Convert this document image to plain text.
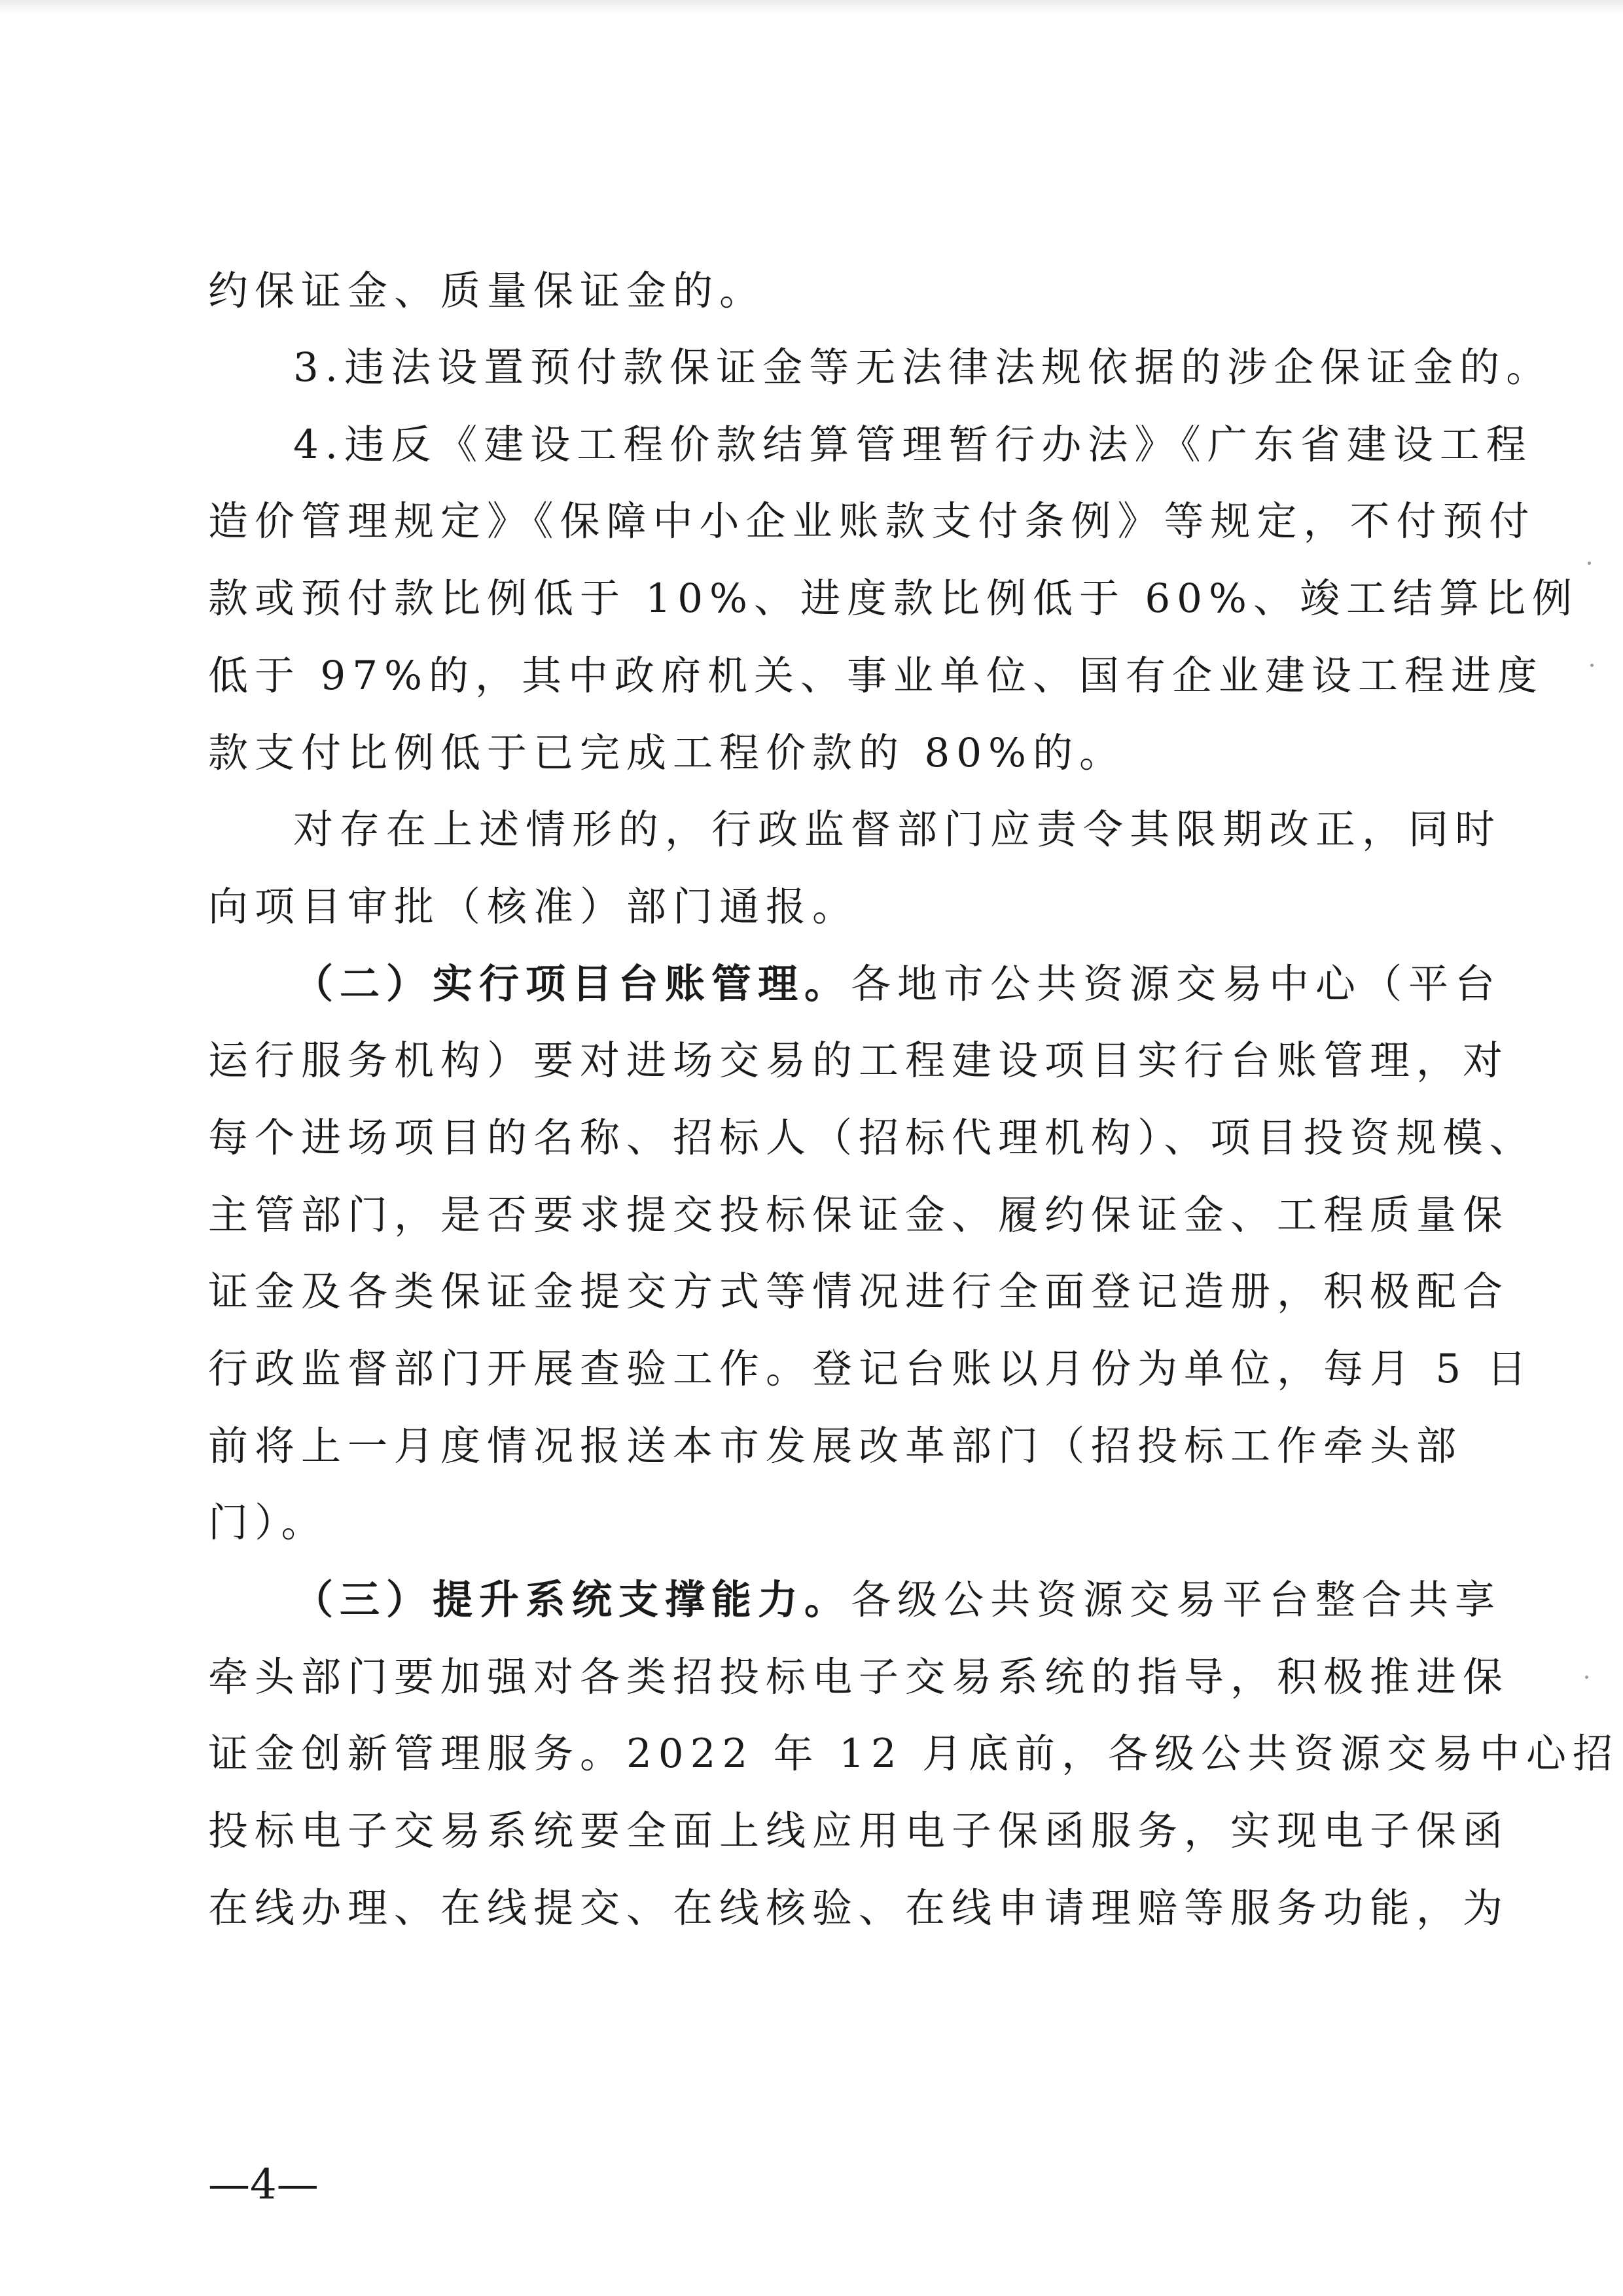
约保证金、质量保证金的。
3.违法设置预付款保证金等无法律法规依据的涉企保证金的。
4.违反《建设工程价款结算管理暂行办法》《广东省建设工程
造价管理规定》《保障中小企业账款支付条例》等规定，不付预付
款或预付款比例低于 10%、进度款比例低于 60%、竣工结算比例
低于 97%的，其中政府机关、事业单位、国有企业建设工程进度
款支付比例低于已完成工程价款的 80%的。
对存在上述情形的，行政监督部门应责令其限期改正，同时
向项目审批（核准）部门通报。
（二）实行项目台账管理。各地市公共资源交易中心（平台
运行服务机构）要对进场交易的工程建设项目实行台账管理，对
每个进场项目的名称、招标人（招标代理机构）、项目投资规模、
主管部门，是否要求提交投标保证金、履约保证金、工程质量保
证金及各类保证金提交方式等情况进行全面登记造册，积极配合
行政监督部门开展查验工作。登记台账以月份为单位，每月 5 日
前将上一月度情况报送本市发展改革部门（招投标工作牵头部
门）。
（三）提升系统支撑能力。各级公共资源交易平台整合共享
牵头部门要加强对各类招投标电子交易系统的指导，积极推进保
证金创新管理服务。2022 年 12 月底前，各级公共资源交易中心招
投标电子交易系统要全面上线应用电子保函服务，实现电子保函
在线办理、在线提交、在线核验、在线申请理赔等服务功能，为
—4—
